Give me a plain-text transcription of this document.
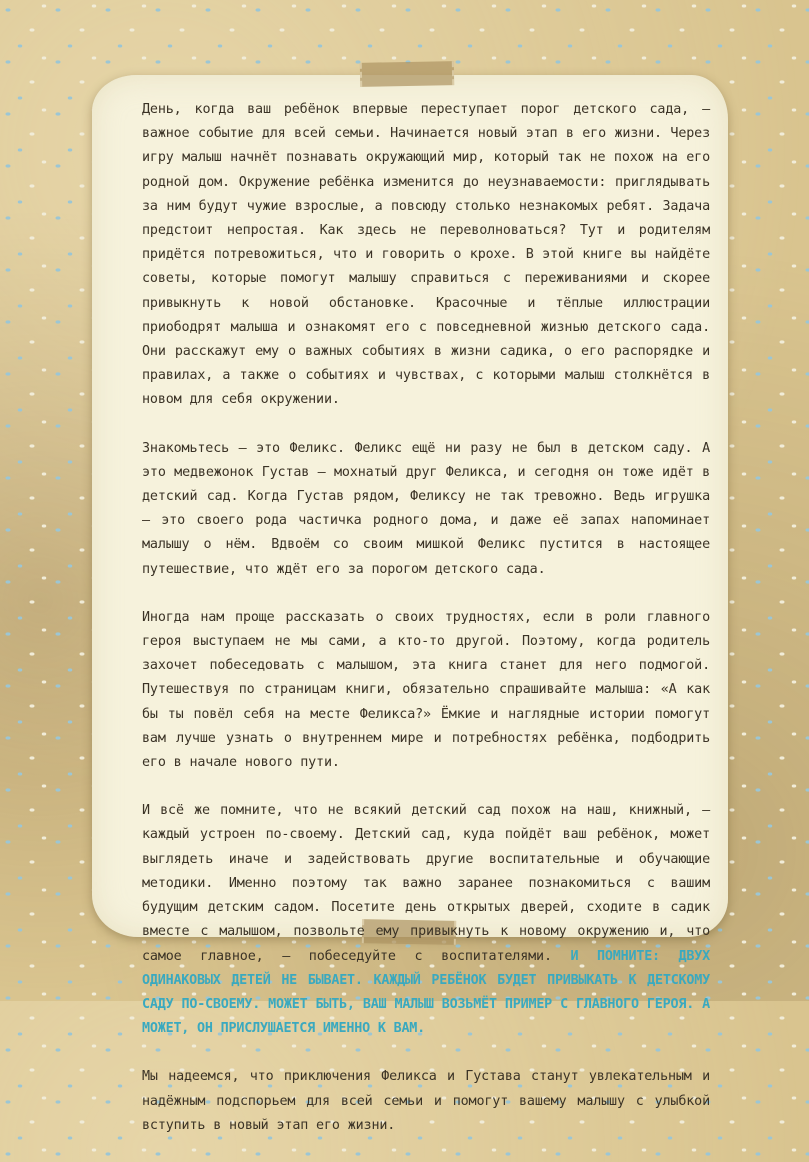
День, когда ваш ребёнок впервые переступает порог детского сада, — важное событие для всей семьи. Начинается новый этап в его жизни. Через игру малыш начнёт познавать окружающий мир, который так не похож на его родной дом. Окружение ребёнка изменится до неузнаваемости: приглядывать за ним будут чужие взрослые, а повсюду столько незнакомых ребят. Задача предстоит непростая. Как здесь не переволноваться? Тут и родителям придётся потревожиться, что и говорить о крохе. В этой книге вы найдёте советы, которые помогут малышу справиться с переживаниями и скорее привыкнуть к новой обстановке. Красочные и тёплые иллюстрации приободрят малыша и ознакомят его с повседневной жизнью детского сада. Они расскажут ему о важных событиях в жизни садика, о его распорядке и правилах, а также о событиях и чувствах, с которыми малыш столкнётся в новом для себя окружении.

Знакомьтесь — это Феликс. Феликс ещё ни разу не был в детском саду. А это медвежонок Густав — мохнатый друг Феликса, и сегодня он тоже идёт в детский сад. Когда Густав рядом, Феликсу не так тревожно. Ведь игрушка — это своего рода частичка родного дома, и даже её запах напоминает малышу о нём. Вдвоём со своим мишкой Феликс пустится в настоящее путешествие, что ждёт его за порогом детского сада.

Иногда нам проще рассказать о своих трудностях, если в роли главного героя выступаем не мы сами, а кто-то другой. Поэтому, когда родитель захочет побеседовать с малышом, эта книга станет для него подмогой. Путешествуя по страницам книги, обязательно спрашивайте малыша: «А как бы ты повёл себя на месте Феликса?» Ёмкие и наглядные истории помогут вам лучше узнать о внутреннем мире и потребностях ребёнка, подбодрить его в начале нового пути.

И всё же помните, что не всякий детский сад похож на наш, книжный, — каждый устроен по-своему. Детский сад, куда пойдёт ваш ребёнок, может выглядеть иначе и задействовать другие воспитательные и обучающие методики. Именно поэтому так важно заранее познакомиться с вашим будущим детским садом. Посетите день открытых дверей, сходите в садик вместе с малышом, позвольте ему привыкнуть к новому окружению и, что самое главное, — побеседуйте с воспитателями. И ПОМНИТЕ: ДВУХ ОДИНАКОВЫХ ДЕТЕЙ НЕ БЫВАЕТ. КАЖДЫЙ РЕБЁНОК БУДЕТ ПРИВЫКАТЬ К ДЕТСКОМУ САДУ ПО-СВОЕМУ. МОЖЕТ БЫТЬ, ВАШ МАЛЫШ ВОЗЬМЁТ ПРИМЕР С ГЛАВНОГО ГЕРОЯ. А МОЖЕТ, ОН ПРИСЛУШАЕТСЯ ИМЕННО К ВАМ.

Мы надеемся, что приключения Феликса и Густава станут увлекательным и надёжным подспорьем для всей семьи и помогут вашему малышу с улыбкой вступить в новый этап его жизни.
